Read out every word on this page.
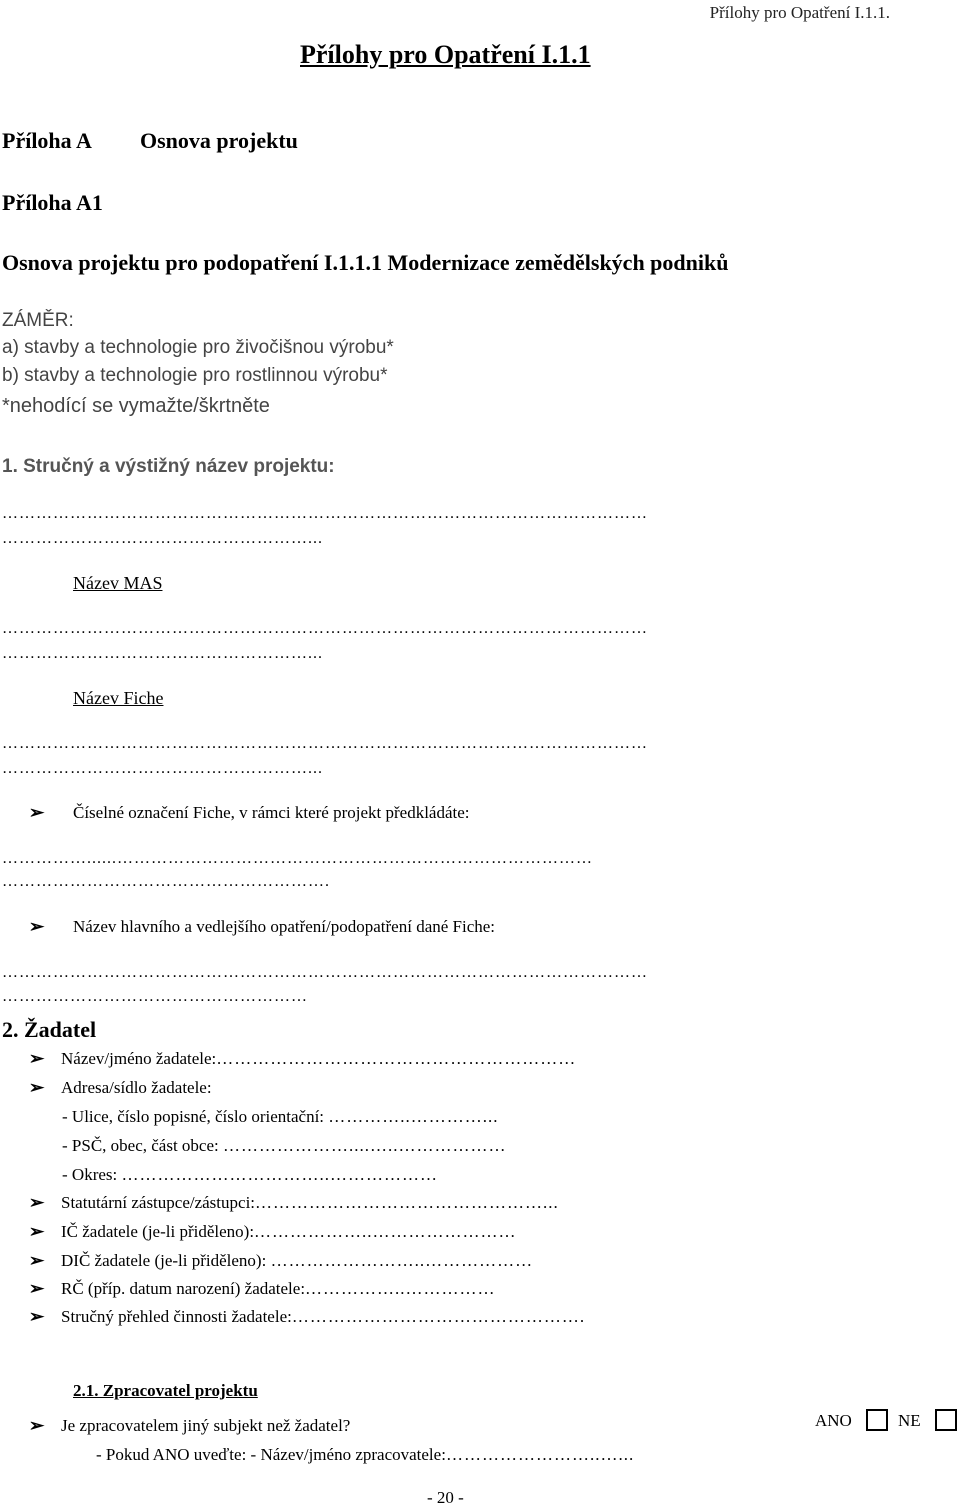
Přílohy pro Opatření I.1.1.
Přílohy pro Opatření I.1.1
Příloha A Osnova projektu
Příloha A1
Osnova projektu pro podopatření I.1.1.1 Modernizace zemědělských podniků
ZÁMĚR:
a) stavby a technologie pro živočišnou výrobu*
b) stavby a technologie pro rostlinnou výrobu*
*nehodící se vymažte/škrtněte
1. Stručný a výstižný název projektu:
……………………………………………………………………………………………………
………………………………………………...
Název MAS
……………………………………………………………………………………………………
………………………………………………...
Název Fiche
……………………………………………………………………………………………………
………………………………………………...
➢ Číselné označení Fiche, v rámci které projekt předkládáte:
……………......…………………………………………………………………………
………………………………………………….
➢ Název hlavního a vedlejšího opatření/podopatření dané Fiche:
……………………………………………………………………………………………………
………………………………………………
2. Žadatel
➢ Název/jméno žadatele:……………………………………………………
➢ Adresa/sídlo žadatele:
- Ulice, číslo popisné, číslo orientační: …………..…………...
- PSČ, obec, část obce: …………………....…..………………
- Okres: ……………………………..………………
➢ Statutární zástupce/zástupci:…………………………………………...
➢ IČ žadatele (je-li přiděleno):………………..……………………
➢ DIČ žadatele (je-li přiděleno): ……………………..………………
➢ RČ (příp. datum narození) žadatele:……………..……………
➢ Stručný přehled činnosti žadatele:………………………………………….
2.1. Zpracovatel projektu
➢ Je zpracovatelem jiný subjekt než žadatel?	ANO	NE
- Pokud ANO uveďte: - Název/jméno zpracovatele:……………………..…...
- 20 -
